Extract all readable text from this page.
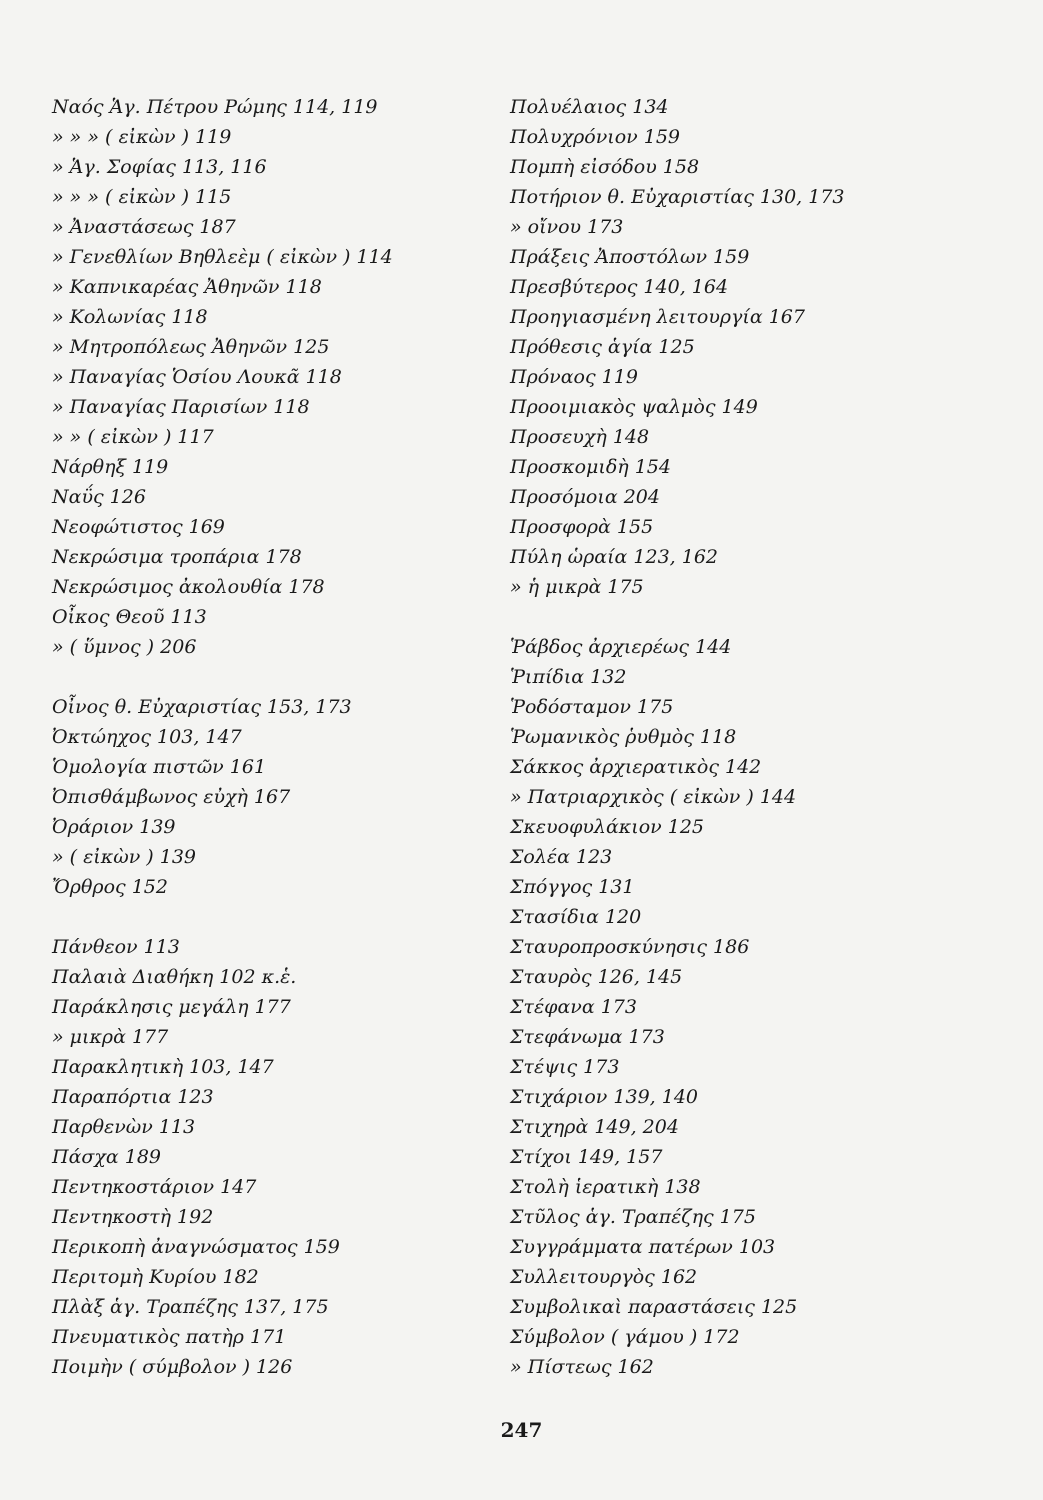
Ναός Ἁγ. Πέτρου Ρώμης 114, 119
» » » ( εἰκὼν ) 119
» Ἁγ. Σοφίας 113, 116
» » » ( εἰκὼν ) 115
» Ἀναστάσεως 187
» Γενεθλίων Βηθλεὲμ ( εἰκὼν ) 114
» Καπνικαρέας Ἀθηνῶν 118
» Κολωνίας 118
» Μητροπόλεως Ἀθηνῶν 125
» Παναγίας Ὁσίου Λουκᾶ 118
» Παναγίας Παρισίων 118
» » ( εἰκὼν ) 117
Νάρθηξ 119
Ναΰς 126
Νεοφώτιστος 169
Νεκρώσιμα τροπάρια 178
Νεκρώσιμος ἀκολουθία 178
Οἶκος Θεοῦ 113
» ( ὕμνος ) 206
Οἶνος θ. Εὐχαριστίας 153, 173
Ὀκτώηχος 103, 147
Ὁμολογία πιστῶν 161
Ὀπισθάμβωνος εὐχὴ 167
Ὀράριον 139
» ( εἰκὼν ) 139
Ὄρθρος 152
Πάνθεον 113
Παλαιὰ Διαθήκη 102 κ.ἑ.
Παράκλησις μεγάλη 177
» μικρὰ 177
Παρακλητικὴ 103, 147
Παραπόρτια 123
Παρθενὼν 113
Πάσχα 189
Πεντηκοστάριον 147
Πεντηκοστὴ 192
Περικοπὴ ἀναγνώσματος 159
Περιτομὴ Κυρίου 182
Πλὰξ ἁγ. Τραπέζης 137, 175
Πνευματικὸς πατὴρ 171
Ποιμὴν ( σύμβολον ) 126
Πολυέλαιος 134
Πολυχρόνιον 159
Πομπὴ εἰσόδου 158
Ποτήριον θ. Εὐχαριστίας 130, 173
» οἴνου 173
Πράξεις Ἀποστόλων 159
Πρεσβύτερος 140, 164
Προηγιασμένη λειτουργία 167
Πρόθεσις ἁγία 125
Πρόναος 119
Προοιμιακὸς ψαλμὸς 149
Προσευχὴ 148
Προσκομιδὴ 154
Προσόμοια 204
Προσφορὰ 155
Πύλη ὡραία 123, 162
» ἡ μικρὰ 175
Ῥάβδος ἀρχιερέως 144
Ῥιπίδια 132
Ῥοδόσταμον 175
Ῥωμανικὸς ῥυθμὸς 118
Σάκκος ἀρχιερατικὸς 142
» Πατριαρχικὸς ( εἰκὼν ) 144
Σκευοφυλάκιον 125
Σολέα 123
Σπόγγος 131
Στασίδια 120
Σταυροπροσκύνησις 186
Σταυρὸς 126, 145
Στέφανα 173
Στεφάνωμα 173
Στέψις 173
Στιχάριον 139, 140
Στιχηρὰ 149, 204
Στίχοι 149, 157
Στολὴ ἱερατικὴ 138
Στῦλος ἁγ. Τραπέζης 175
Συγγράμματα πατέρων 103
Συλλειτουργὸς 162
Συμβολικαὶ παραστάσεις 125
Σύμβολον ( γάμου ) 172
» Πίστεως 162
247
